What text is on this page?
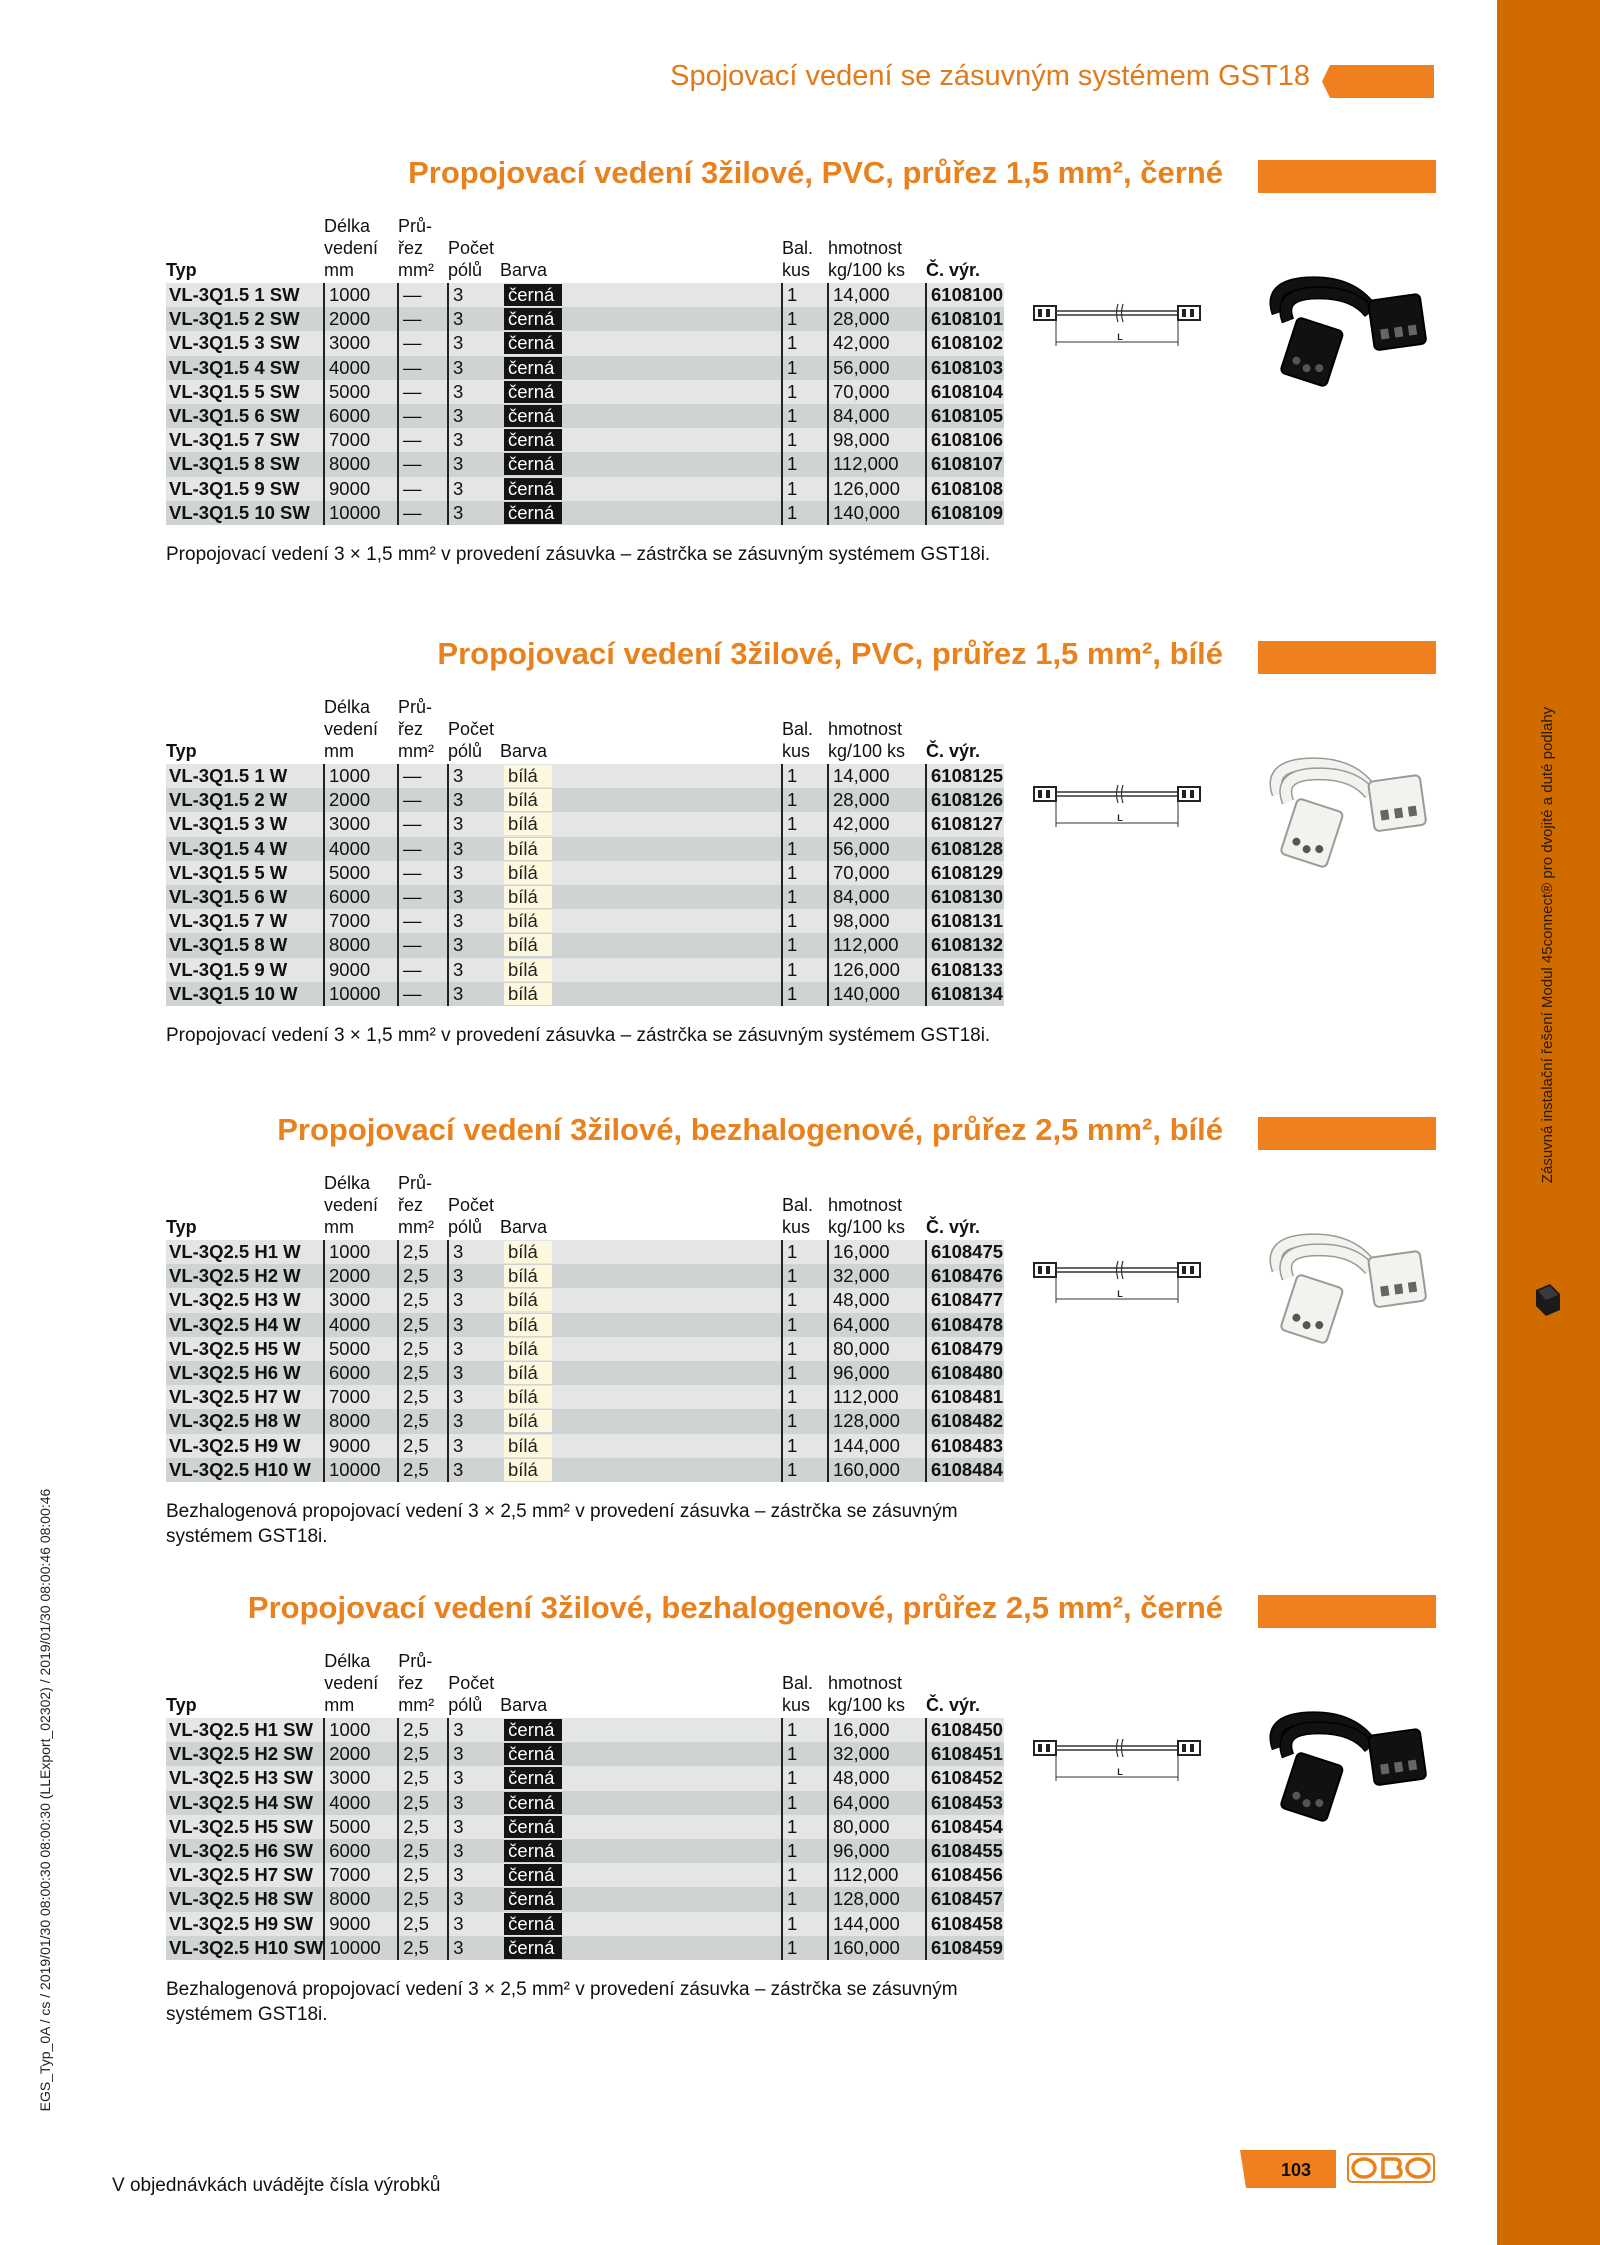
Zásuvná instalační řešení Modul 45connect® pro dvojité a duté podlahy
EGS_Typ_0A / cs / 2019/01/30 08:00:30 08:00:30 (LLExport_02302) / 2019/01/30 08:00:46 08:00:46
Spojovací vedení se zásuvným systémem GST18
Propojovací vedení 3žilové, PVC, průřez 1,5 mm², černé
Typ	Délka
vedení
mm	Prů-
řez
mm²	Počet
pólů	Barva		Bal.
kus	hmotnost
kg/100 ks	Č. výr.
VL-3Q1.5 1 SW	1000	—	3	černá		1	14,000	6108100
VL-3Q1.5 2 SW	2000	—	3	černá		1	28,000	6108101
VL-3Q1.5 3 SW	3000	—	3	černá		1	42,000	6108102
VL-3Q1.5 4 SW	4000	—	3	černá		1	56,000	6108103
VL-3Q1.5 5 SW	5000	—	3	černá		1	70,000	6108104
VL-3Q1.5 6 SW	6000	—	3	černá		1	84,000	6108105
VL-3Q1.5 7 SW	7000	—	3	černá		1	98,000	6108106
VL-3Q1.5 8 SW	8000	—	3	černá		1	112,000	6108107
VL-3Q1.5 9 SW	9000	—	3	černá		1	126,000	6108108
VL-3Q1.5 10 SW	10000	—	3	černá		1	140,000	6108109
Propojovací vedení 3 × 1,5 mm² v provedení zásuvka – zástrčka se zásuvným systémem GST18i.
L
Propojovací vedení 3žilové, PVC, průřez 1,5 mm², bílé
Typ	Délka
vedení
mm	Prů-
řez
mm²	Počet
pólů	Barva		Bal.
kus	hmotnost
kg/100 ks	Č. výr.
VL-3Q1.5 1 W	1000	—	3	bílá		1	14,000	6108125
VL-3Q1.5 2 W	2000	—	3	bílá		1	28,000	6108126
VL-3Q1.5 3 W	3000	—	3	bílá		1	42,000	6108127
VL-3Q1.5 4 W	4000	—	3	bílá		1	56,000	6108128
VL-3Q1.5 5 W	5000	—	3	bílá		1	70,000	6108129
VL-3Q1.5 6 W	6000	—	3	bílá		1	84,000	6108130
VL-3Q1.5 7 W	7000	—	3	bílá		1	98,000	6108131
VL-3Q1.5 8 W	8000	—	3	bílá		1	112,000	6108132
VL-3Q1.5 9 W	9000	—	3	bílá		1	126,000	6108133
VL-3Q1.5 10 W	10000	—	3	bílá		1	140,000	6108134
Propojovací vedení 3 × 1,5 mm² v provedení zásuvka – zástrčka se zásuvným systémem GST18i.
L
Propojovací vedení 3žilové, bezhalogenové, průřez 2,5 mm², bílé
Typ	Délka
vedení
mm	Prů-
řez
mm²	Počet
pólů	Barva		Bal.
kus	hmotnost
kg/100 ks	Č. výr.
VL-3Q2.5 H1 W	1000	2,5	3	bílá		1	16,000	6108475
VL-3Q2.5 H2 W	2000	2,5	3	bílá		1	32,000	6108476
VL-3Q2.5 H3 W	3000	2,5	3	bílá		1	48,000	6108477
VL-3Q2.5 H4 W	4000	2,5	3	bílá		1	64,000	6108478
VL-3Q2.5 H5 W	5000	2,5	3	bílá		1	80,000	6108479
VL-3Q2.5 H6 W	6000	2,5	3	bílá		1	96,000	6108480
VL-3Q2.5 H7 W	7000	2,5	3	bílá		1	112,000	6108481
VL-3Q2.5 H8 W	8000	2,5	3	bílá		1	128,000	6108482
VL-3Q2.5 H9 W	9000	2,5	3	bílá		1	144,000	6108483
VL-3Q2.5 H10 W	10000	2,5	3	bílá		1	160,000	6108484
Bezhalogenová propojovací vedení 3 × 2,5 mm² v provedení zásuvka – zástrčka se zásuvným systémem GST18i.
L
Propojovací vedení 3žilové, bezhalogenové, průřez 2,5 mm², černé
Typ	Délka
vedení
mm	Prů-
řez
mm²	Počet
pólů	Barva		Bal.
kus	hmotnost
kg/100 ks	Č. výr.
VL-3Q2.5 H1 SW	1000	2,5	3	černá		1	16,000	6108450
VL-3Q2.5 H2 SW	2000	2,5	3	černá		1	32,000	6108451
VL-3Q2.5 H3 SW	3000	2,5	3	černá		1	48,000	6108452
VL-3Q2.5 H4 SW	4000	2,5	3	černá		1	64,000	6108453
VL-3Q2.5 H5 SW	5000	2,5	3	černá		1	80,000	6108454
VL-3Q2.5 H6 SW	6000	2,5	3	černá		1	96,000	6108455
VL-3Q2.5 H7 SW	7000	2,5	3	černá		1	112,000	6108456
VL-3Q2.5 H8 SW	8000	2,5	3	černá		1	128,000	6108457
VL-3Q2.5 H9 SW	9000	2,5	3	černá		1	144,000	6108458
VL-3Q2.5 H10 SW	10000	2,5	3	černá		1	160,000	6108459
Bezhalogenová propojovací vedení 3 × 2,5 mm² v provedení zásuvka – zástrčka se zásuvným systémem GST18i.
L
V objednávkách uvádějte čísla výrobků
103
